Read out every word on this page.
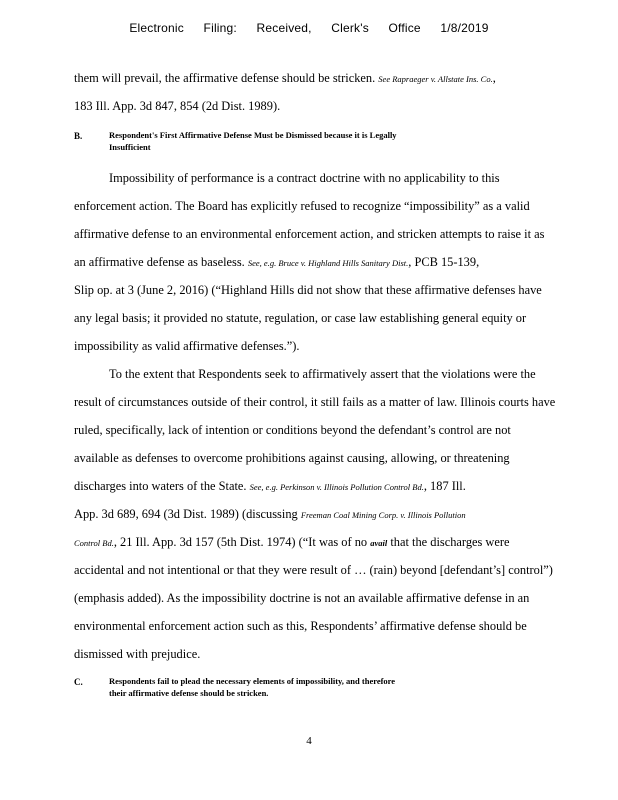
Electronic Filing: Received, Clerk's Office 1/8/2019
them will prevail, the affirmative defense should be stricken. See Rapraeger v. Allstate Ins. Co.,
183 Ill. App. 3d 847, 854 (2d Dist. 1989).
B.	Respondent's First Affirmative Defense Must be Dismissed because it is Legally
Insufficient
Impossibility of performance is a contract doctrine with no applicability to this
enforcement action. The Board has explicitly refused to recognize “impossibility” as a valid
affirmative defense to an environmental enforcement action, and stricken attempts to raise it as
an affirmative defense as baseless. See, e.g. Bruce v. Highland Hills Sanitary Dist., PCB 15-139,
Slip op. at 3 (June 2, 2016) (“Highland Hills did not show that these affirmative defenses have
any legal basis; it provided no statute, regulation, or case law establishing general equity or
impossibility as valid affirmative defenses.”).
To the extent that Respondents seek to affirmatively assert that the violations were the
result of circumstances outside of their control, it still fails as a matter of law. Illinois courts have
ruled, specifically, lack of intention or conditions beyond the defendant’s control are not
available as defenses to overcome prohibitions against causing, allowing, or threatening
discharges into waters of the State. See, e.g. Perkinson v. Illinois Pollution Control Bd., 187 Ill.
App. 3d 689, 694 (3d Dist. 1989) (discussing Freeman Coal Mining Corp. v. Illinois Pollution
Control Bd., 21 Ill. App. 3d 157 (5th Dist. 1974) (“It was of no avail that the discharges were
accidental and not intentional or that they were result of … (rain) beyond [defendant’s] control”)
(emphasis added). As the impossibility doctrine is not an available affirmative defense in an
environmental enforcement action such as this, Respondents’ affirmative defense should be
dismissed with prejudice.
C.	Respondents fail to plead the necessary elements of impossibility, and therefore
their affirmative defense should be stricken.
4
